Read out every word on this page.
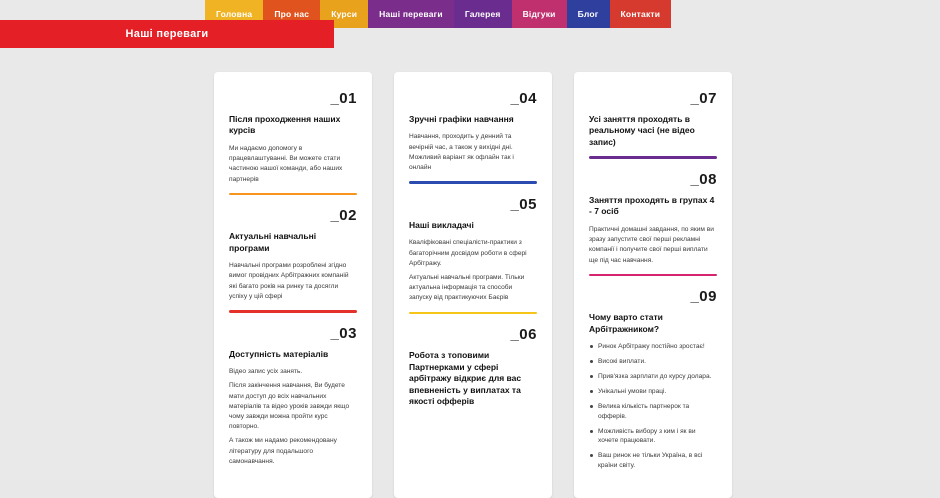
Головна	Про нас	Курси	Наші переваги	Галерея	Відгуки	Блог	Контакти
Наші переваги
_01
Після проходження наших курсів
Ми надаємо допомогу в працевлаштуванні. Ви можете стати частиною нашої команди, або наших партнерів
_02
Актуальні навчальні програми
Навчальні програми розроблені згідно вимог провідних Арбітражних компаній які багато років на ринку та досягли успіху у цій сфері
_03
Доступність матеріалів
Відео запис усіх занять.
Після закінчення навчання, Ви будете мати доступ до всіх навчальних матеріалів та відео уроків завжди якщо чому завжди можна пройти курс повторно.
А також ми надамо рекомендовану літературу для подальшого самонавчання.
_04
Зручні графіки навчання
Навчання, проходить у денний та вечірній час, а також у вихідні дні. Можливий варіант як офлайн так і онлайн
_05
Наші викладачі
Кваліфіковані спеціалісти-практики з багаторічним досвідом роботи в сфері Арбітражу.
Актуальні навчальні програми. Тільки актуальна інформація та способи запуску від практикуючих Баєрів
_06
Робота з топовими Партнерками у сфері арбітражу відкриє для вас впевненість у виплатах та якості офферів
_07
Усі заняття проходять в реальному часі (не відео запис)
_08
Заняття проходять в групах 4 - 7 осіб
Практичні домашні завдання, по яким ви зразу запустите свої перші рекламні компанії і получите свої перші виплати ще під час навчання.
_09
Чому варто стати Арбітражником?
Ринок Арбітражу постійно зростає!
Високі виплати.
Прив'язка зарплати до курсу долара.
Унікальні умови праці.
Велика кількість партнерок та офферів.
Можливість вибору з ким і як ви хочете працювати.
Ваш ринок не тільки Україна, в всі країни світу.
